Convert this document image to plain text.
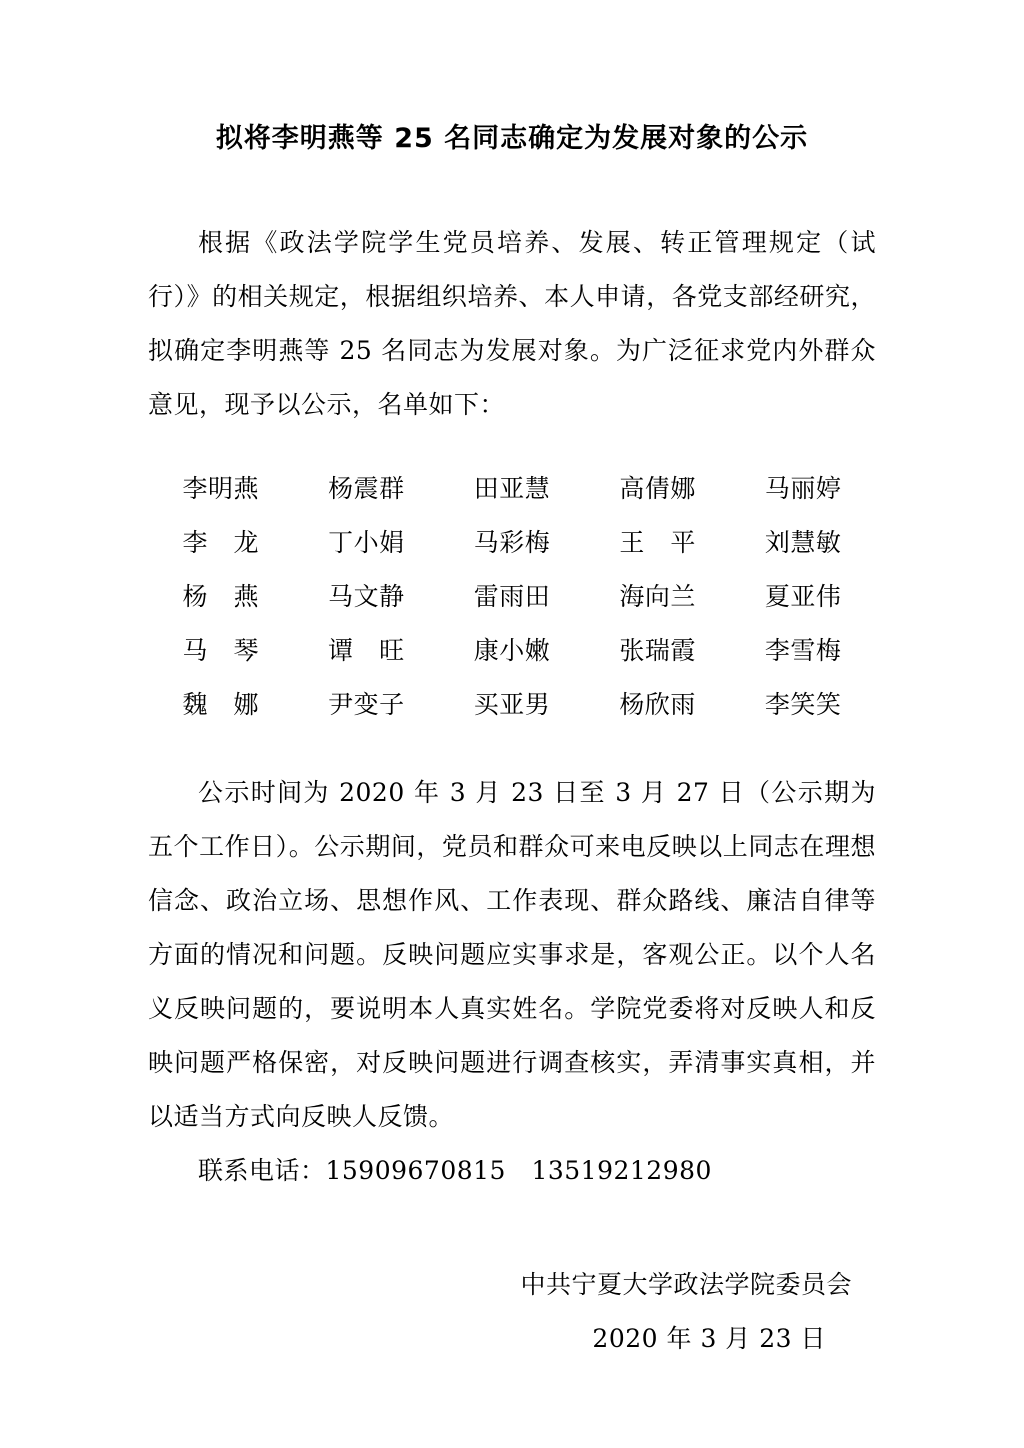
拟将李明燕等 25 名同志确定为发展对象的公示

根据《政法学院学生党员培养、发展、转正管理规定（试行）》的相关规定，根据组织培养、本人申请，各党支部经研究，拟确定李明燕等 25 名同志为发展对象。为广泛征求党内外群众意见，现予以公示，名单如下：

李明燕	杨震群	田亚慧	高倩娜	马丽婷
李　龙	丁小娟	马彩梅	王　平	刘慧敏
杨　燕	马文静	雷雨田	海向兰	夏亚伟
马　琴	谭　旺	康小嫩	张瑞霞	李雪梅
魏　娜	尹变子	买亚男	杨欣雨	李笑笑

公示时间为 2020 年 3 月 23 日至 3 月 27 日（公示期为五个工作日）。公示期间，党员和群众可来电反映以上同志在理想信念、政治立场、思想作风、工作表现、群众路线、廉洁自律等方面的情况和问题。反映问题应实事求是，客观公正。以个人名义反映问题的，要说明本人真实姓名。学院党委将对反映人和反映问题严格保密，对反映问题进行调查核实，弄清事实真相，并以适当方式向反映人反馈。

联系电话：15909670815　13519212980

中共宁夏大学政法学院委员会
2020 年 3 月 23 日
